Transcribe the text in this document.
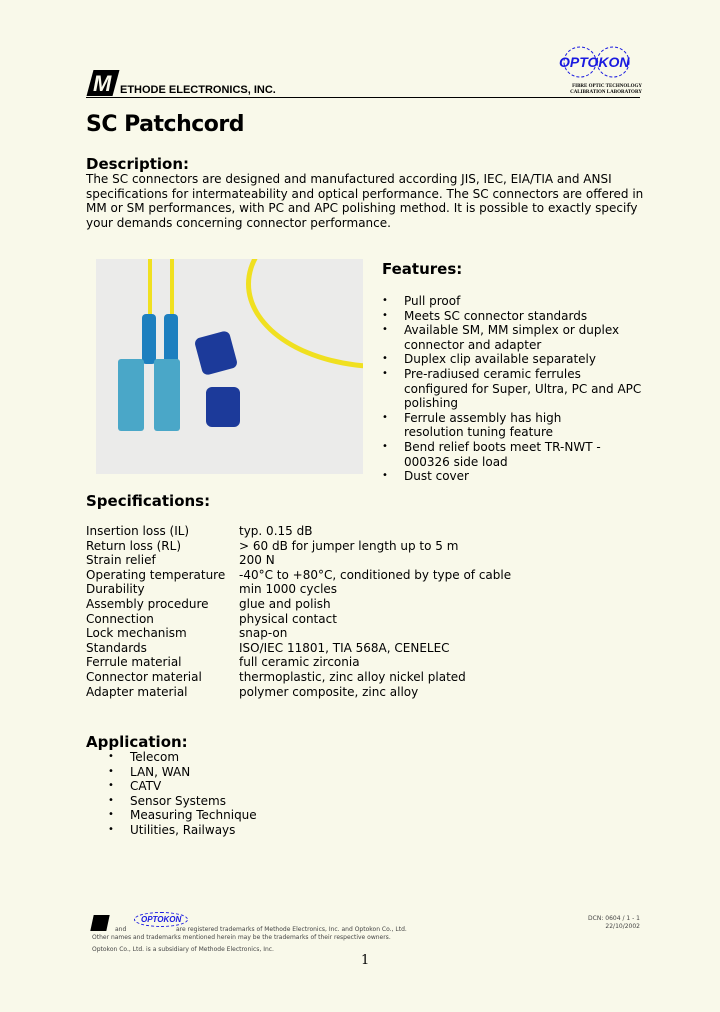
M ETHODE ELECTRONICS, INC.
OPTOKON
FIBRE OPTIC TECHNOLOGY
CALIBRATION LABORATORY
SC Patchcord
Description:
The SC connectors are designed and manufactured according JIS, IEC, EIA/TIA and ANSI specifications for intermateability and optical performance. The SC connectors are offered in MM or SM performances, with PC and APC polishing method. It is possible to exactly specify your demands concerning connector performance.
Features:
• Pull proof
• Meets SC connector standards
• Available SM, MM simplex or duplex connector and adapter
• Duplex clip available separately
• Pre-radiused ceramic ferrules configured for Super, Ultra, PC and APC polishing
• Ferrule assembly has high resolution tuning feature
• Bend relief boots meet TR-NWT - 000326 side load
• Dust cover
Specifications:
Insertion loss (IL)	typ. 0.15 dB
Return loss (RL)	> 60 dB for jumper length up to 5 m
Strain relief	200 N
Operating temperature	-40°C to +80°C, conditioned by type of cable
Durability	min 1000 cycles
Assembly procedure	glue and polish
Connection	physical contact
Lock mechanism	snap-on
Standards	ISO/IEC 11801, TIA 568A, CENELEC
Ferrule material	full ceramic zirconia
Connector material	thermoplastic, zinc alloy nickel plated
Adapter material	polymer composite, zinc alloy
Application:
• Telecom
• LAN, WAN
• CATV
• Sensor Systems
• Measuring Technique
• Utilities, Railways
and
OPTOKON
are registered trademarks of Methode Electronics, Inc. and Optokon Co., Ltd.
Other names and trademarks mentioned herein may be the trademarks of their respective owners.
Optokon Co., Ltd. is a subsidiary of Methode Electronics, Inc.
DCN: 0604 / 1 - 1
22/10/2002
1
